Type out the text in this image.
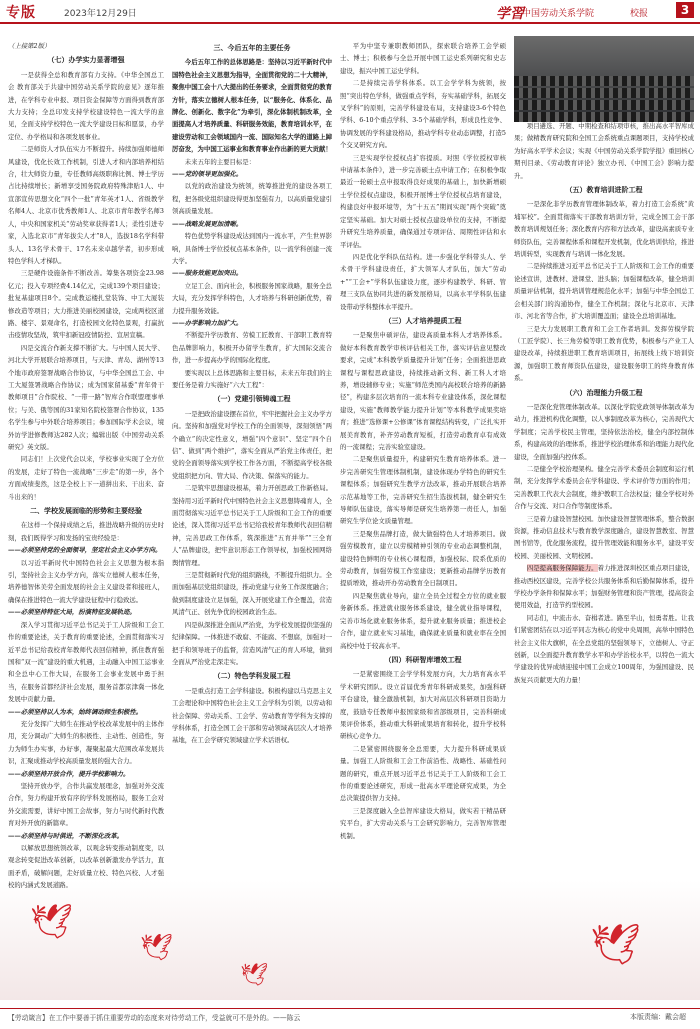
专版	2023年12月29日	学習
中国劳动关系学院	校报	3
🕊
🕊
🕊
🕊

（上接第2版）

（七）办学实力显著增强

一是获得全总和教育部有力支持。《中华全国总工会 教育部关于共建中国劳动关系学院的意见》逐年推进，在学科专业申报、项目资金保障等方面得到教育部大力支持；全总印发支持学校建设特色一流大学的意见，全面支持学校特色一流大学建设目标和愿景，办学定位、办学格局和各项发展事业。

二是师资人才队伍实力不断提升。持续加强师德师风建设，优化长效工作机制，引进人才和内部培养相结合，壮大师资力量，专任教师高级职称比例、博士学历占比持续增长；新增享受国务院政府特殊津贴1人、中宣部宣传思想文化“四个一批”青年英才1人、省级教学名师4人、北京市优秀教师1人、北京市青年教学名师3人，中央和国家机关“劳动奖章获得者1人；柔性引进专家，入选北京市“青年拔尖人才”8人，选拔18名学科带头人、13名学术骨干、17名未来卓越学者，初步形成特色学科人才梯队。

三是硬件设施条件不断改善。筹集各项资金23.98亿元；投入专项经费4.14亿元，完成139个项目建设；批复基建项目8个。完成教运楼扎堂装饰、中工大厦装修改造等项目；大力推进美丽校园建设，完成两校区道路、楼宇、景观命名，打造校园文化特色景观，打赢抗击疫情攻坚战，筑牢扣新冠疫情防控、宣居宣稿。

四是交流合作新支撑不断扩大。与中国人民大学、河北大学开展联合培养项目，与天津、青岛、湖州等13个地市政府签署战略合作协议，与中华全国总工会、中工大厦签署战略合作协议；成为国家留基委“青年骨干教师项目”合作院校、“一带一路”智库合作联盟理事单位；与美、俄等国的31家知名院校签署合作协议，135名学生参与中外联合培养项目；参加国际学术会议，境外访学进修教师达282人次；编辑出版《中国劳动关系研究》英文版。

同志们！上次党代会以来，学校事业实现了全方位的发展，走好了特色一流战略“三步走”的第一步，各个方面成绩斐然，这是全校上下一道拼出来、干出来、奋斗出来的！

二、学校发展面临的形势和主要经验

在这样一个保持成绩之后，推进战略升级的历史时刻，我们既得学习和发扬的宝贵经验是：

——必须坚持党的全面领导，坚定社会主义办学方向。

以习近平新时代中国特色社会主义思想为根本指引，坚持社会主义办学方向，落实立德树人根本任务，培养德智体美劳全面发展的社会主义建设者和接班人，确保在推进特色一流大学建设征程中行稳致远。

——必须坚持特征大局，扮演特征发展轨迹。

深入学习贯彻习近平总书记关于工人阶级和工会工作的重要论述，关于教育的重要论述，全面贯彻落实习近平总书记给我校青年教师代表回信精神，抓住教育强国和“双一流”建设的重大机遇，主动融入中国工运事业和全总中心工作大局，在服务工会事业发展中勇于担当，在服务首都经济社会发展，服务首都京津冀一体化发展中贡献力量。

——必须坚持以人为本，始终调动师生积极性。

充分发挥广大师生在推动学校改革发展中的主体作用，充分调动广大师生的积极性、主动性、创造性，努力为师生办实事，办好事，凝聚起最大范围改革发展共识，汇聚成推动学校高质量发展的强大合力。

——必须坚持开放合作，提升学校影响力。

坚持开放办学，合作共赢发展理念，加强对外交流合作，努力构建开放有序的学科发展格局，服务工会对外交流需要，讲好中国工会故事，努力与时代新时代教育对外开放的新篇章。

——必须坚持与时俱进，不断深化改革。

以解放思想统领改革，以观念转变推动制度变，以观念转变促进改革创新，以改革创新激发办学活力，直面矛盾，破解问题，走好质量立校、特色兴校、人才强校的内涵式发展道路。

三、今后五年的主要任务

今后五年工作的总体思路是：坚持以习近平新时代中国特色社会主义思想为指导，全面贯彻党的二十大精神，聚焦中国工会十八大提出的任务要求，全面贯彻党的教育方针，落实立德树人根本任务，以“服务化、体系化、品牌化、创新化、数字化”为牵引，深化体制机制改革，全面提高人才培养质量、科研服务效能，教育培训水平，在建设劳动和工会领域国内一流、国际知名大学的道路上踔厉奋发，为中国工运事业和教育事业作出新的更大贡献！

未来五年的主要目标是：

——党的领导更加强化。

以党的政治建设为统领，统筹推进党的建设各项工程，把各级党组织建设得更加坚强有力，以高质量党建引领高质量发展。

——战略发展更加清晰。

特色优势学科建设成达到国内一流水平，产生世界影响，具备博士学位授权点基本条件，以一流学科创建一流大学。

——服务效能更加突出。

立足工会、面向社会，积极服务国家战略，服务全总大局，充分发挥学科特色，人才培养与科研创新优势，着力提升服务效能。

——办学影响力加扩大。

不断提升学历教育、劳模工匠教育、干部职工教育特色品牌影响力，积极开办留学生教育，扩大国际交流合作，进一步提高办学的国际化程度。

要实现以上总体思路和主要目标，未来五年我们的主要任务是着力实施好“六大工程”：

（一）党建引领铸魂工程

一是把政治建设摆在首位，牢牢把握社会主义办学方向。坚持和加强党对学校工作的全面领导，深刻领悟“两个确立”的决定性意义，增强“四个意识”、坚定“四个自信”、做到“两个维护”，落实全面从严治党主体责任，把党的全面领导落实到学校工作各方面，不断提高学校各级党组织把方向、管大局、作决策、保落实的能力。

二是筑牢思想建设根基，着力开创思政工作新格局。坚持用习近平新时代中国特色社会主义思想铸魂育人，全面贯彻落实习近平总书记关于工人阶级和工会工作的重要论述，深入贯彻习近平总书记给我校青年教师代表回信精神，完善思政工作体系，筑深推进“五育并举”“三全育人”品牌建设，把牢意识形态工作领导权，加强校园网络舆情管理。

三是贯彻新时代党的组织路线，不断提升组织力。全面加强基层党组织建设，推动党建与业务工作深度融合；做到制度建设立足加强，深入开展党建工作全覆盖，营造风清气正、创先争优的校园政治生态。

四是纵深推进全面从严治党，为学校发展提供坚强的纪律保障。一体推进不敢腐、不能腐、不想腐，加强对一把手和领导班子的监督，营造风清气正的育人环境，做到全面从严治党走深走实。

（二）特色学科发展工程

一是重点打造工会学科建设。积极构建以马克思主义工会理论和中国特色社会主义工会学科为引领，以劳动和社会保障、劳动关系、工会学、劳动教育等学科为支撑的学科体系，打造全国工会干部和劳动领域高层次人才培养基地，在工会学研究领域建立学术话语权。

平为中坚专兼职教师团队，探索联合培养工会学硕士、博士；积极参与全总开展中国工运史系列研究和史志建设，振兴中国工运史学科。

二是持续完善学科体系。以工会学学科为统领，按照“突出特色学科，做强重点学科，夯实基础学科，拓展交叉学科”的原则，完善学科建设布局，支持建设3-6个特色学科、6-10个重点学科、3-5个基础学科，形成良性竞争、协调发展的学科建设格局，推动学科专业动态调整，打造5个交叉研究方向。

三是实现学位授权点扩容提质。对照《学位授权审核申请基本条件》，进一步完善硕士点申请工作；在积极争取最近一轮硕士点申报取得良好成果的基础上，加快新增硕士学位授权点建设，积极开展博士学位授权点培育建设，构建良好申报环境等，为“十五五”期间实现“两个突破”奠定坚实基础。加大对硕士授权点建设单位的支持，不断提升研究生培养质量，确保通过专项评估、周期性评估和水平评估。

四是优化学科队伍结构。进一步强化学科带头人、学术骨干学科建设责任，扩大领军人才队伍，加大“劳动+”“工会+”学科队伍建设力度，逐步构建教学、科研、管理三支队伍协同共进的新发展格局，以高水平学科队伍建设带动学科整体水平提升。

（三）人才培养提质工程

一是聚焦申硕评估，建设高质量本科人才培养体系。做好本科教育教学审核评估相关工作，落实评估意见整改要求，完成“本科教学质量提升计划”任务；全面推进思政课程与课程思政建设，持续推动新文科、新工科人才培养，增设辅修专业；实施“师范类国内高校联合培养的新路径”，构建多层次培育的一流本科专业建设体系，深化课程建设，实施“教师教学能力提升计划”等本科教学成果奖培育；推进“选修课+公修课”体育课程结构转变，广泛扎实开展美育教育，补齐劳动教育短板，打造劳动教育卓有成效的一流课程；完善实验室建设。

二是聚焦质量提升，构建研究生教育培养体系。进一步完善研究生管理体制机制，建设体现办学特色的研究生课程体系；加强研究生教学方法改革，推动开展联合培养示范基地等工作，完善研究生招生选拔机制，健全研究生导师队伍建设，落实导师是研究生培养第一责任人，加强研究生学位论文质量管理。

三是聚焦品牌打造，做大做强特色人才培养项目。做强劳模教育，建立以劳模精神引领的专业动态调整机制，建设特色鲜明的专业核心课程群，加强校际、院系优质的劳动教育，加强劳模工作室建设；更新推动品牌学历教育提质增效，推动开办劳动教育全日制项目。

四是聚焦就业导向，建立全员全过程全方位的就业服务新体系。推进就业服务体系建设，健全就业指导课程，完善市场化就业服务体系，提升就业服务质量；推进校企合作，建立就业实习基地，确保就业质量和就业率在全国高校中处于较高水平。

（四）科研智库增效工程

一是紧密围绕工会学学科发展方向，大力培育高水平学术研究团队。设立首届优秀青年科研成果奖，加强科研平台建设，健全激励机制，加大对高层次科研项目资助力度，鼓励专任教师申报国家级和省部级项目，完善科研成果评价体系，推动重大科研成果培育和转化，提升学校科研核心竞争力。

二是紧密围绕服务全总需要，大力提升科研成果质量。加强工人阶级和工会工作前沿性、战略性、基础性问题的研究，重点开展习近平总书记关于工人阶级和工会工作的重要论述研究，形成一批高水平理论研究成果，为全总决策提供智力支持。

三是深度融入全总智库建设大格局，做实若干精品研究平台，扩大劳动关系与工会研究影响力，完善智库管理机制。

项目遴选、开题、中期检查和结项审核，推出高水平智库成果；做精教育研究院和全国工会系统重点课题项目，支持学校成为好高水平学术会议；实现《中国劳动关系学院学报》重回核心期刊目录、《劳动教育评论》独立办刊、《中国工会》影响力提升。

（五）教育培训进阶工程

一是深化非学历教育管理体制改革，着力打造工会系统“黄埔军校”。全面贯彻落实干部教育培训方针，完成全国工会干部教育培训规划任务；深化教育内容和方法改革，建设高素质专业师资队伍，完善课程体系和课程开发机制，优化培训供给，推进培训转型，实现教育与培训一体化发展。

二是持续推进习近平总书记关于工人阶级和工会工作的重要论述宣讲，进教材、进课堂、进头脑；加强课程改革，健全培训质量评估机制，提升培训管理规范化水平；加强与中华全国总工会相关部门的沟通协作，健全工作机制；深化与北京市、天津市、河北省等合作，扩大培训覆盖面；建设全总培训基地。

三是大力发展职工教育和工会工作者培训。发挥劳模学院（工匠学院）、长三角劳模等职工教育优势，积极参与产业工人建设改革，持续推进职工教育培训项目，拓展线上线下培训资源，加强职工教育师资队伍建设，建设服务职工的终身教育体系。

（六）治理能力升级工程

一是深化党管理体制改革。以深化学院党政领导体制改革为动力，推进机构优化调整，以人事制度改革为核心，完善现代大学制度；完善学校民主管理，坚持依法治校，健全内部控制体系，构建高效的治理体系，推进学校治理体系和治理能力现代化建设，全面加强内控体系。

二是健全学校治理架构。健全完善学术委员会制度和运行机制，充分发挥学术委员会在学科建设、学术评价等方面的作用；完善教职工代表大会制度，维护教职工合法权益；健全学校对外合作与交流、对口合作等制度体系。

三是着力建设智慧校园。加快建设智慧管理体系，整合数据资源，推动信息技术与教育教学深度融合，建设智慧教室、智慧图书馆等，优化服务流程，提升管理效能和服务水平，建设平安校园、美丽校园、文明校园。

四是提高服务保障能力。着力推进深圳校区重点项目建设，推动西校区建设，完善学校公共服务体系和后勤保障体系，提升学校办学条件和保障水平；加强财务管理和资产管理，提高资金使用效益，打造节约型校园。

同志们，中流击水、奋楫者进。路至半山，恒勇者胜。让我们紧密团结在以习近平同志为核心的党中央周围，高举中国特色社会主义伟大旗帜，在全总党组的坚强领导下，立德树人、守正创新，以全面提升教育教学水平和办学治校水平，以特色一流大学建设的优异成绩迎接中国工会成立100周年，为强国建设、民族复兴贡献更大的力量！

【劳动箴言】在工作中要善于抓住重要劳动的态度来对待劳动工作，受益就可不是外的。——陈云	本版责编：戴会超
